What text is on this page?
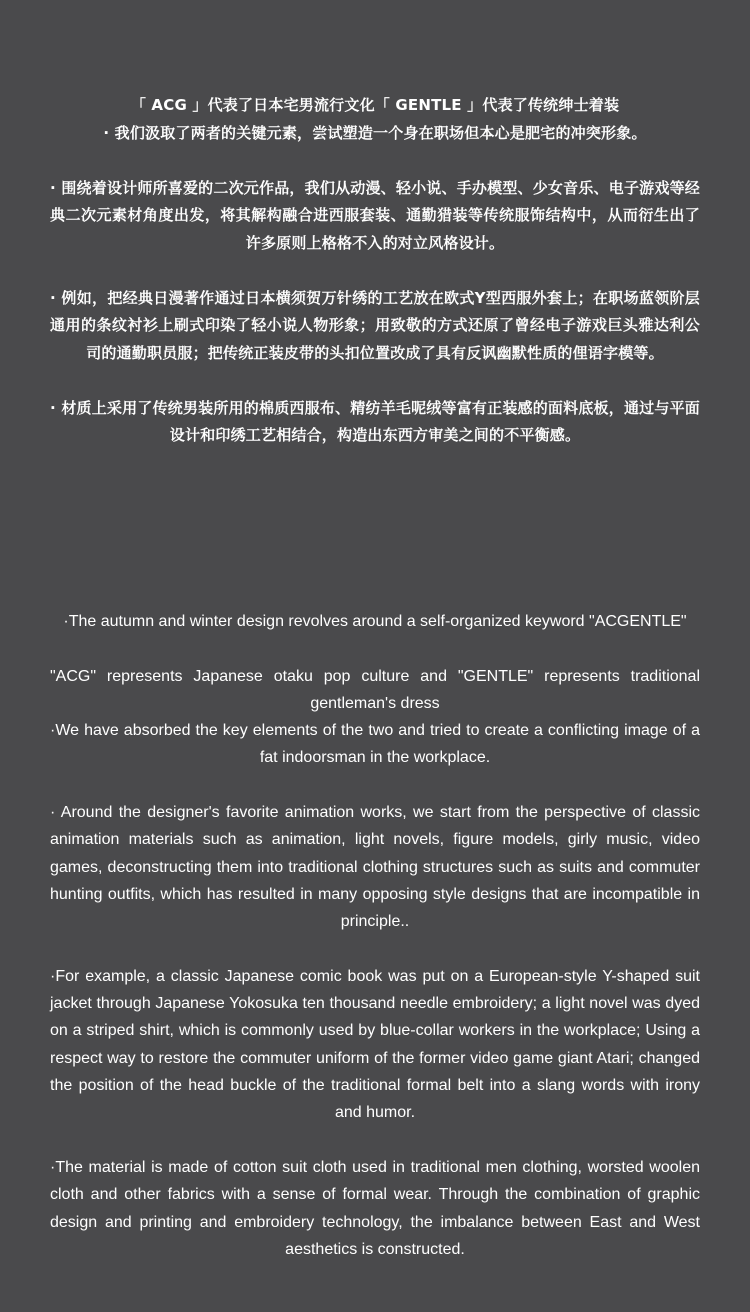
「 ACG 」代表了日本宅男流行文化「 GENTLE 」代表了传统绅士着装
· 我们汲取了两者的关键元素，尝试塑造一个身在职场但本心是肥宅的冲突形象。

· 围绕着设计师所喜爱的二次元作品，我们从动漫、轻小说、手办模型、少女音乐、电子游戏等经典二次元素材角度出发，将其解构融合进西服套装、通勤猎装等传统服饰结构中，从而衍生出了许多原则上格格不入的对立风格设计。

· 例如，把经典日漫著作通过日本横须贺万针绣的工艺放在欧式Y型西服外套上；在职场蓝领阶层通用的条纹衬衫上刷式印染了轻小说人物形象；用致敬的方式还原了曾经电子游戏巨头雅达利公司的通勤职员服；把传统正装皮带的头扣位置改成了具有反讽幽默性质的俚语字模等。

· 材质上采用了传统男装所用的棉质西服布、精纺羊毛呢绒等富有正装感的面料底板，通过与平面设计和印绣工艺相结合，构造出东西方审美之间的不平衡感。

·The autumn and winter design revolves around a self-organized keyword "ACGENTLE"

"ACG" represents Japanese otaku pop culture and "GENTLE" represents traditional gentleman's dress
·We have absorbed the key elements of the two and tried to create a conflicting image of a fat indoorsman in the workplace.

· Around the designer's favorite animation works, we start from the perspective of classic animation materials such as animation, light novels, figure models, girly music, video games, deconstructing them into traditional clothing structures such as suits and commuter hunting outfits, which has resulted in many opposing style designs that are incompatible in principle..

·For example, a classic Japanese comic book was put on a European-style Y-shaped suit jacket through Japanese Yokosuka ten thousand needle embroidery; a light novel was dyed on a striped shirt, which is commonly used by blue-collar workers in the workplace; Using a respect way to restore the commuter uniform of the former video game giant Atari; changed the position of the head buckle of the traditional formal belt into a slang words with irony and humor.

·The material is made of cotton suit cloth used in traditional men clothing, worsted woolen cloth and other fabrics with a sense of formal wear. Through the combination of graphic design and printing and embroidery technology, the imbalance between East and West aesthetics is constructed.
